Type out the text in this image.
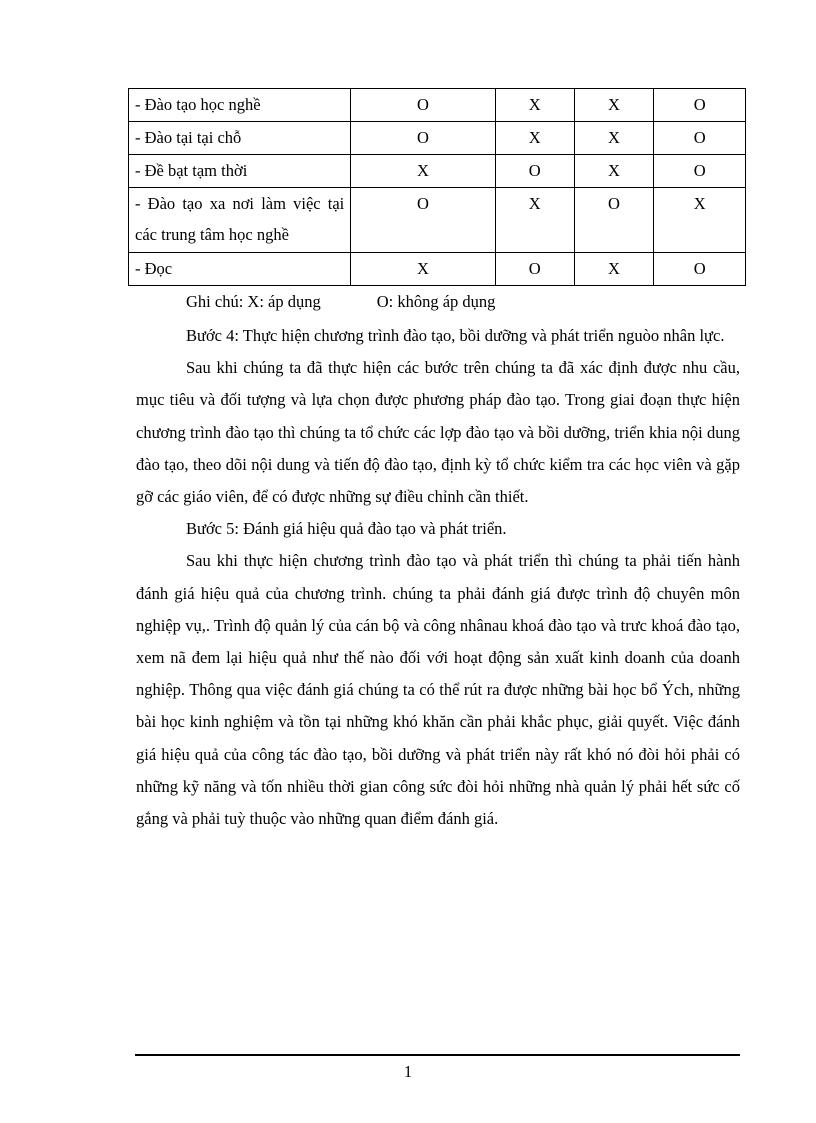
- Đào tạo học nghề	O	X	X	O
- Đào tại tại chỗ	O	X	X	O
- Đề bạt tạm thời	X	O	X	O
- Đào tạo xa nơi làm việc tại các trung tâm học nghề	O	X	O	X
- Đọc	X	O	X	O
Ghi chú: X: áp dụng	O: không áp dụng

Bước 4: Thực hiện chương trình đào tạo, bồi dưỡng và phát triển nguòo nhân lực.

Sau khi chúng ta đã thực hiện các bước trên chúng ta đã xác định được nhu cầu, mục tiêu và đối tượng và lựa chọn được phương pháp đào tạo. Trong giai đoạn thực hiện chương trình đào tạo thì chúng ta tổ chức các lợp đào tạo và bồi dưỡng, triển khia nội dung đào tạo, theo dõi nội dung và tiến độ đào tạo, định kỳ tổ chức kiểm tra các học viên và gặp gỡ các giáo viên, để có được những sự điều chỉnh cần thiết.

Bước 5: Đánh giá hiệu quả đào tạo và phát triển.

Sau khi thực hiện chương trình đào tạo và phát triển thì chúng ta phải tiến hành đánh giá hiệu quả của chương trình. chúng ta phải đánh giá được trình độ chuyên môn nghiệp vụ,. Trình độ quản lý của cán bộ và công nhânau khoá đào tạo và trưc khoá đào tạo, xem nã đem lại hiệu quả như thế nào đối với hoạt động sản xuất kinh doanh của doanh nghiệp. Thông qua việc đánh giá chúng ta có thể rút ra được những bài học bổ Ých, những bài học kinh nghiệm và tồn tại những khó khăn cần phải khắc phục, giải quyết. Việc đánh giá hiệu quả của công tác đào tạo, bồi dưỡng và phát triển này rất khó nó đòi hỏi phải có những kỹ năng và tốn nhiều thời gian công sức đòi hỏi những nhà quản lý phải hết sức cố gắng và phải tuỳ thuộc vào những quan điểm đánh giá.

1
